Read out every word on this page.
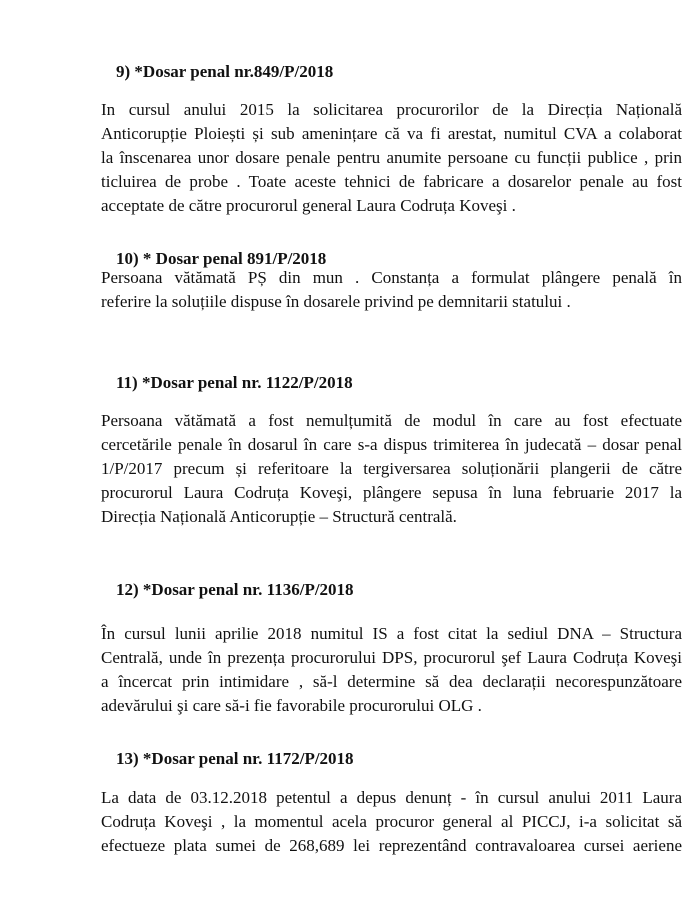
9) *Dosar penal nr.849/P/2018
In cursul anului 2015 la solicitarea procurorilor de la Direcția Națională
Anticorupție Ploiești și sub amenințare că va fi arestat, numitul CVA a colaborat
la înscenarea unor dosare penale pentru anumite persoane cu funcții publice , prin
ticluirea de probe . Toate aceste tehnici de fabricare a dosarelor penale au fost
acceptate de către procurorul general Laura Codruța Koveşi .
10) * Dosar penal 891/P/2018
Persoana vătămată PȘ din mun . Constanța a formulat plângere penală în
referire la soluțiile dispuse în dosarele privind pe demnitarii statului .
11) *Dosar penal nr. 1122/P/2018
Persoana vătămată a fost nemulțumită de modul în care au fost efectuate
cercetările penale în dosarul în care s-a dispus trimiterea în judecată – dosar penal
1/P/2017 precum și referitoare la tergiversarea soluționării plangerii de către
procurorul Laura Codruța Koveşi, plângere sepusa în luna februarie 2017 la
Direcția Națională Anticorupție – Structură centrală.
12) *Dosar penal nr. 1136/P/2018
În cursul lunii aprilie 2018 numitul IS a fost citat la sediul DNA – Structura
Centrală, unde în prezența procurorului DPS, procurorul şef Laura Codruța Koveşi
a încercat prin intimidare , să-l determine să dea declarații necorespunzătoare
adevărului şi care să-i fie favorabile procurorului OLG .
13) *Dosar penal nr. 1172/P/2018
La data de 03.12.2018 petentul a depus denunț - în cursul anului 2011 Laura
Codruța Koveşi , la momentul acela procuror general al PICCJ, i-a solicitat să
efectueze plata sumei de 268,689 lei reprezentând contravaloarea cursei aeriene
